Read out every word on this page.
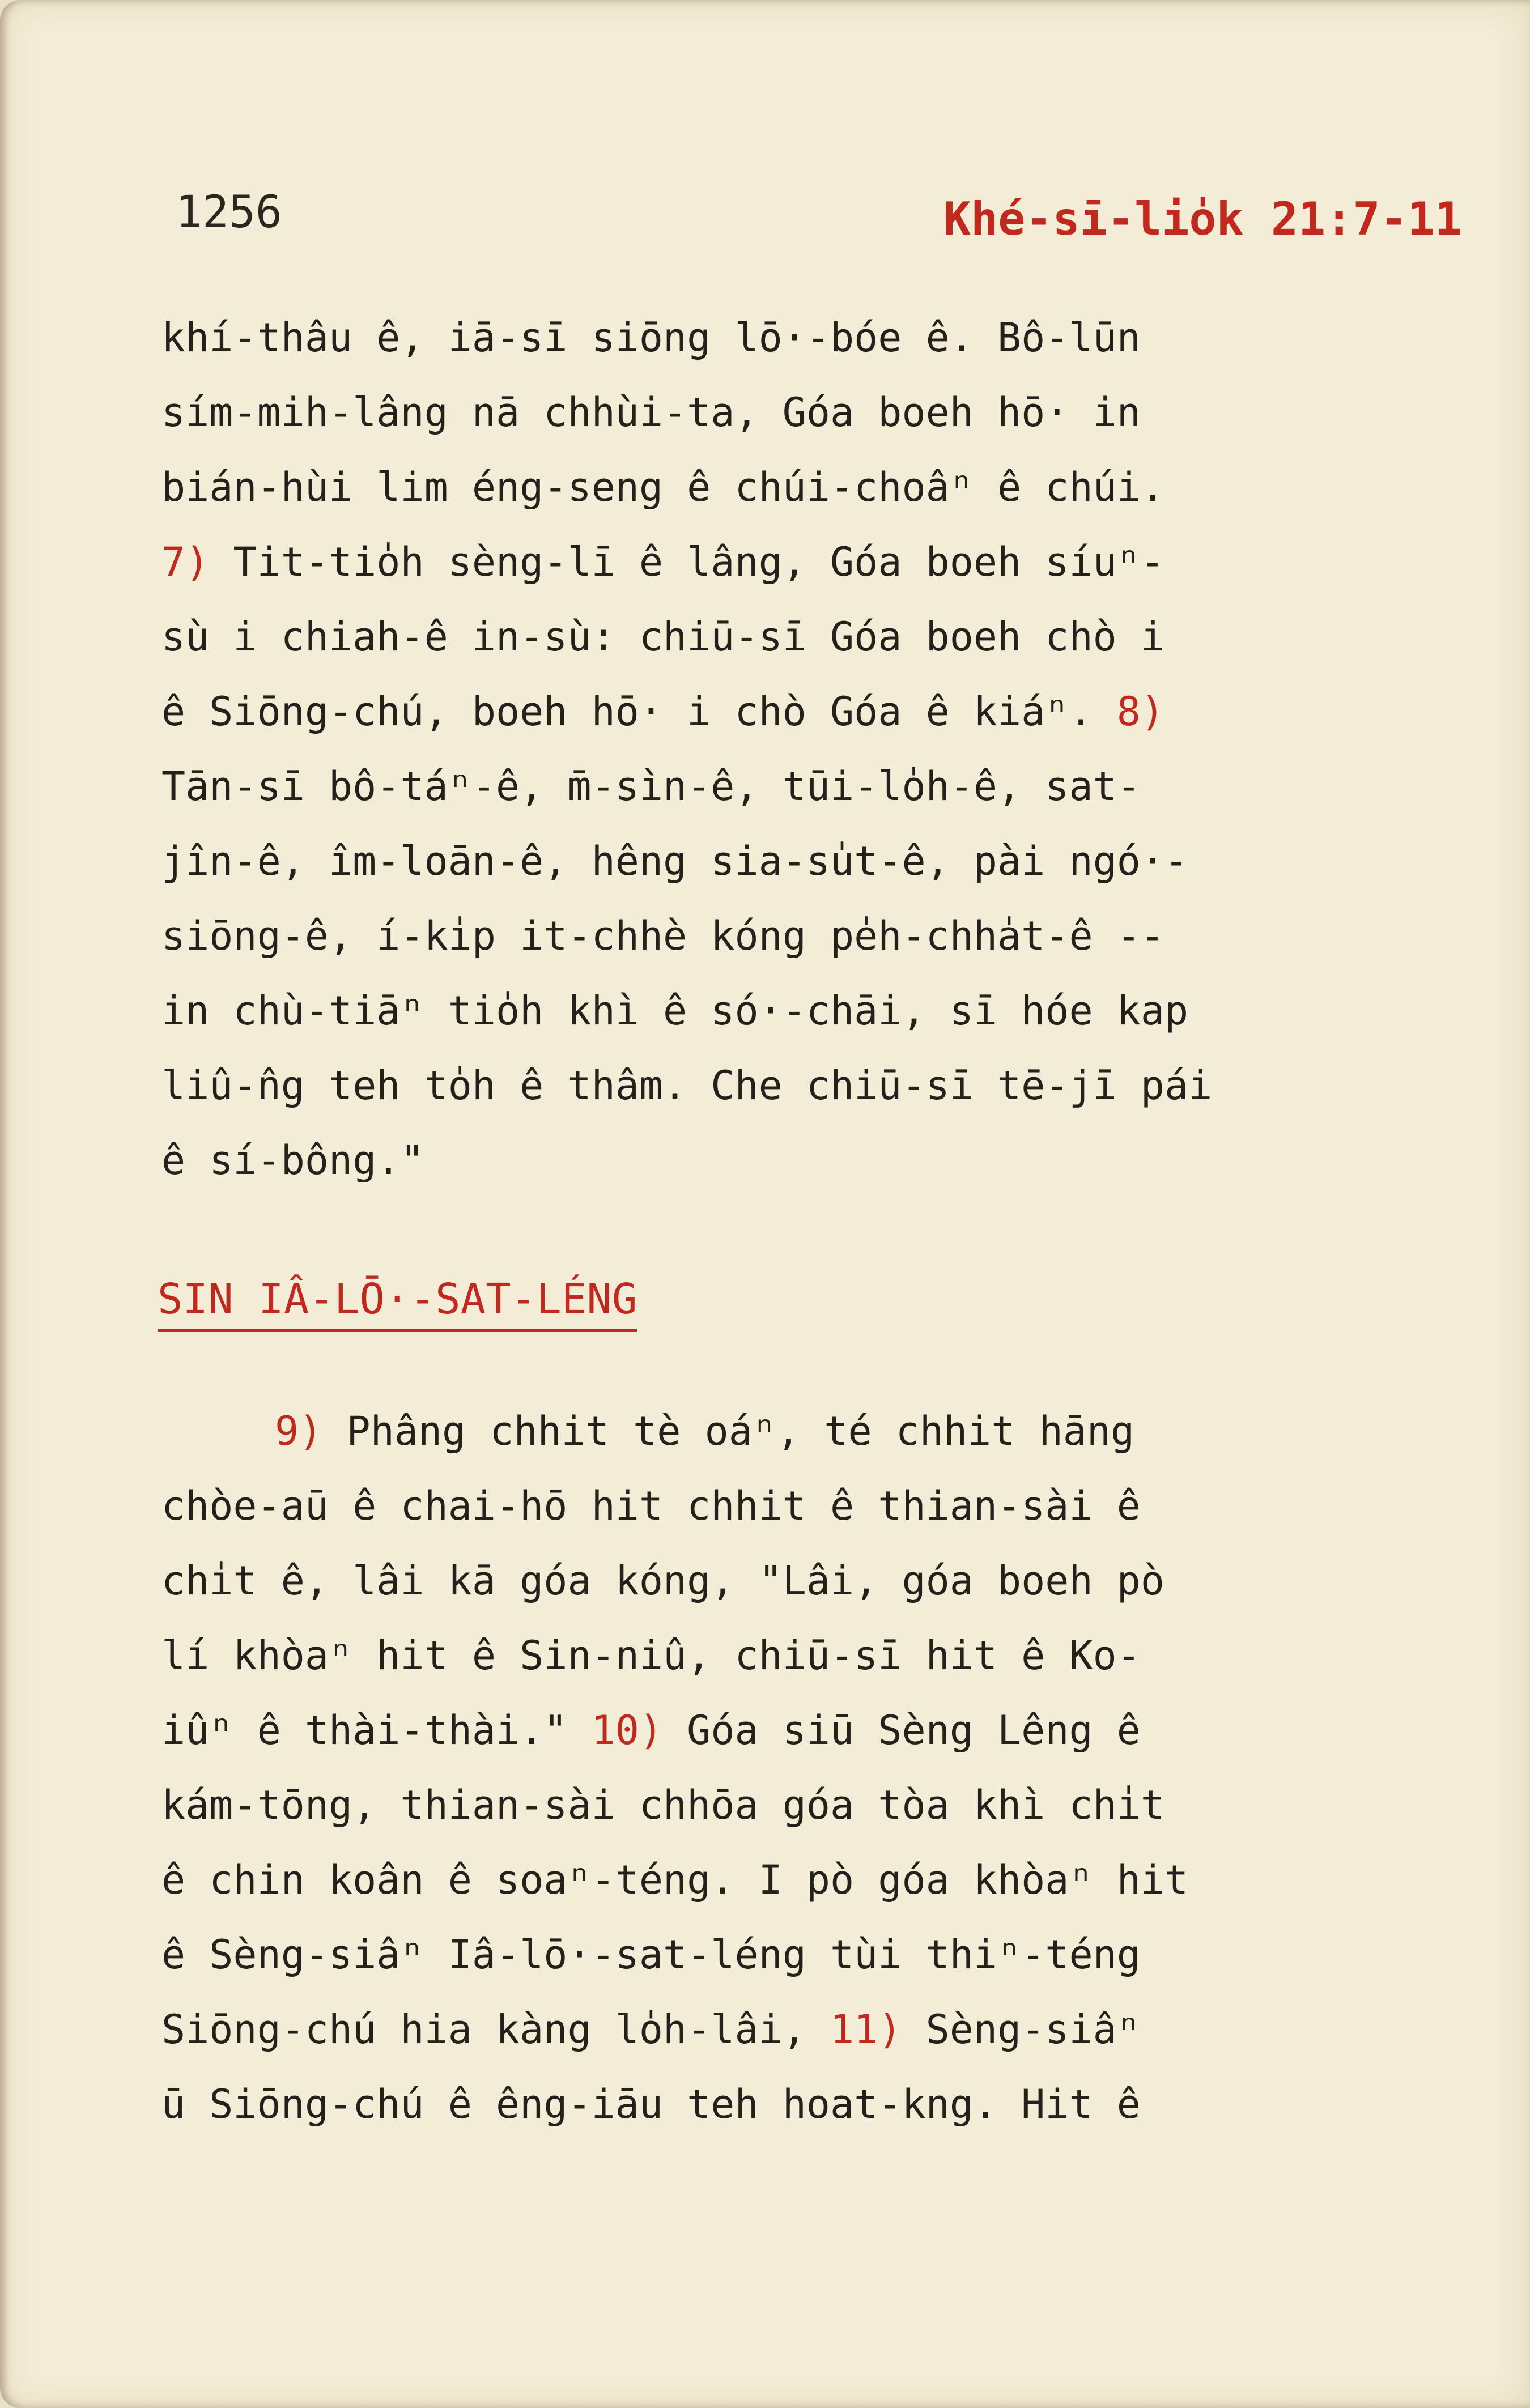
1256	Khé-sī-lio̍k 21:7-11
khí-thâu ê, iā-sī siōng lō·-bóe ê. Bô-lūn
sím-mih-lâng nā chhùi-ta, Góa boeh hō· in
bián-hùi lim éng-seng ê chúi-choâⁿ ê chúi.
7) Tit-tio̍h sèng-lī ê lâng, Góa boeh síuⁿ-
sù i chiah-ê in-sù: chiū-sī Góa boeh chò i
ê Siōng-chú, boeh hō· i chò Góa ê kiáⁿ. 8)
Tān-sī bô-táⁿ-ê, m̄-sìn-ê, tūi-lo̍h-ê, sat-
jîn-ê, îm-loān-ê, hêng sia-su̍t-ê, pài ngó·-
siōng-ê, í-ki̍p it-chhè kóng pe̍h-chha̍t-ê --
in chù-tiāⁿ tio̍h khì ê só·-chāi, sī hóe kap
liû-n̂g teh to̍h ê thâm. Che chiū-sī tē-jī pái
ê sí-bông."
SIN IÂ-LŌ·-SAT-LÉNG
9) Phâng chhit tè oáⁿ, té chhit hāng
chòe-aū ê chai-hō hit chhit ê thian-sài ê
chi̍t ê, lâi kā góa kóng, "Lâi, góa boeh pò
lí khòaⁿ hit ê Sin-niû, chiū-sī hit ê Ko-
iûⁿ ê thài-thài." 10) Góa siū Sèng Lêng ê
kám-tōng, thian-sài chhōa góa tòa khì chi̍t
ê chin koân ê soaⁿ-téng. I pò góa khòaⁿ hit
ê Sèng-siâⁿ Iâ-lō·-sat-léng tùi thiⁿ-téng
Siōng-chú hia kàng lo̍h-lâi, 11) Sèng-siâⁿ
ū Siōng-chú ê êng-iāu teh hoat-kng. Hit ê
